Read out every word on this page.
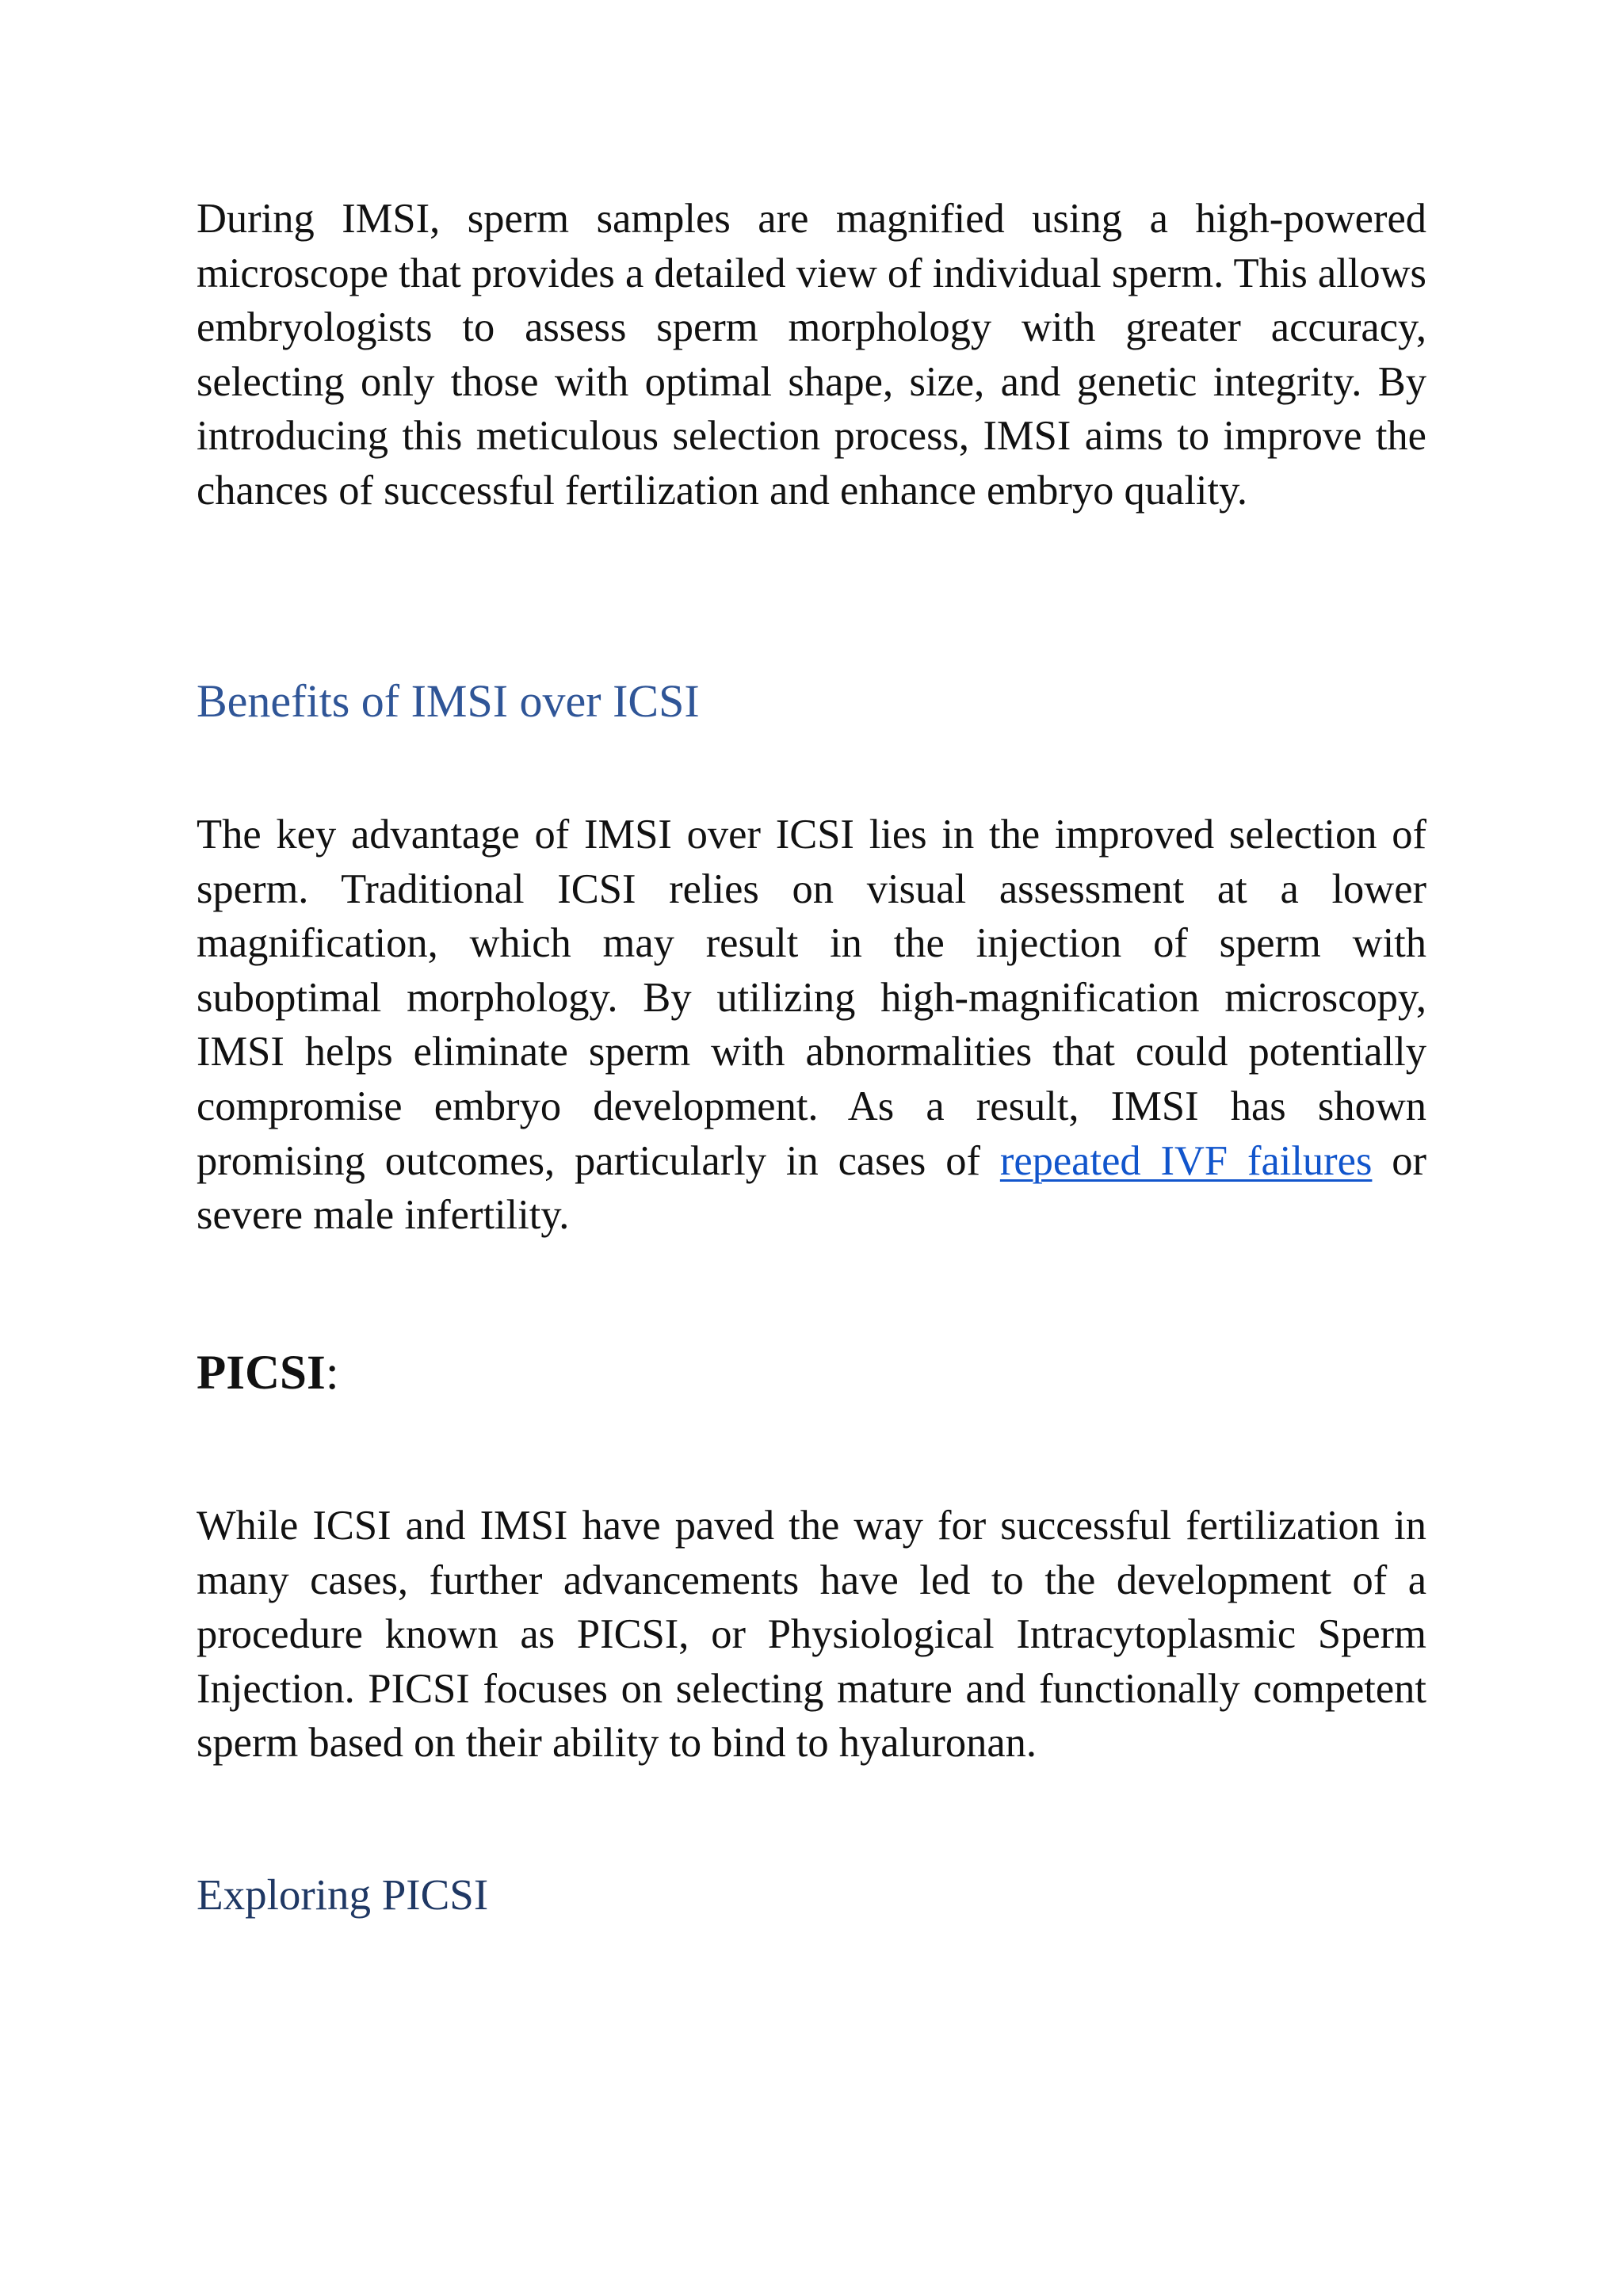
During IMSI, sperm samples are magnified using a high-powered microscope that provides a detailed view of individual sperm. This allows embryologists to assess sperm morphology with greater accuracy, selecting only those with optimal shape, size, and genetic integrity. By introducing this meticulous selection process, IMSI aims to improve the chances of successful fertilization and enhance embryo quality.

Benefits of IMSI over ICSI

The key advantage of IMSI over ICSI lies in the improved selection of sperm. Traditional ICSI relies on visual assessment at a lower magnification, which may result in the injection of sperm with suboptimal morphology. By utilizing high-magnification microscopy, IMSI helps eliminate sperm with abnormalities that could potentially compromise embryo development. As a result, IMSI has shown promising outcomes, particularly in cases of repeated IVF failures or severe male infertility.

PICSI:

While ICSI and IMSI have paved the way for successful fertilization in many cases, further advancements have led to the development of a procedure known as PICSI, or Physiological Intracytoplasmic Sperm Injection. PICSI focuses on selecting mature and functionally competent sperm based on their ability to bind to hyaluronan.

Exploring PICSI
